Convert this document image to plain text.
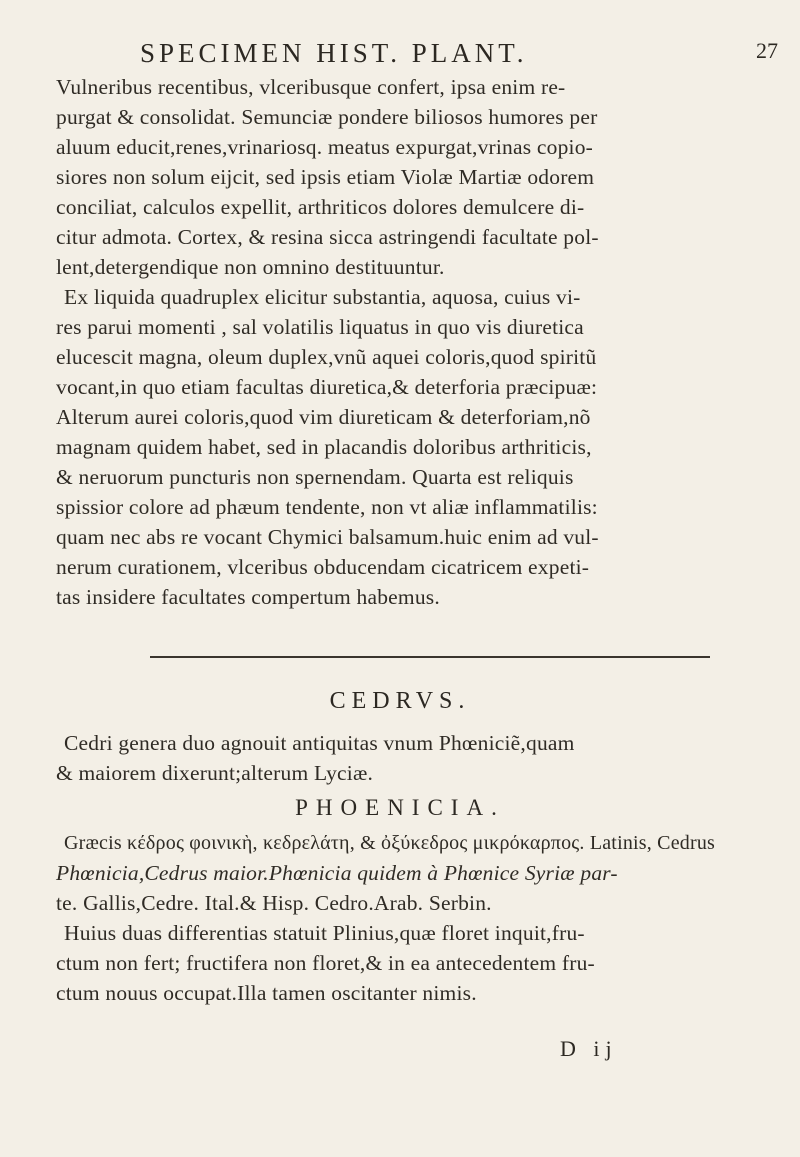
SPECIMEN HIST. PLANT.	27
Vulneribus recentibus, vlceribusque confert, ipsa enim re-
purgat & consolidat. Semunciæ pondere biliosos humores per
aluum educit,renes,vrinariosq. meatus expurgat,vrinas copio-
siores non solum eijcit, sed ipsis etiam Violæ Martiæ odorem
conciliat, calculos expellit, arthriticos dolores demulcere di-
citur admota. Cortex, & resina sicca astringendi facultate pol-
lent,detergendique non omnino destituuntur.
Ex liquida quadruplex elicitur substantia, aquosa, cuius vi-
res parui momenti , sal volatilis liquatus in quo vis diuretica
elucescit magna, oleum duplex,vnũ aquei coloris,quod spiritũ
vocant,in quo etiam facultas diuretica,& deterforia præcipuæ:
Alterum aurei coloris,quod vim diureticam & deterforiam,nõ
magnam quidem habet, sed in placandis doloribus arthriticis,
& neruorum puncturis non spernendam. Quarta est reliquis
spissior colore ad phæum tendente, non vt aliæ inflammatilis:
quam nec abs re vocant Chymici balsamum.huic enim ad vul-
nerum curationem, vlceribus obducendam cicatricem expeti-
tas insidere facultates compertum habemus.
CEDRVS.
Cedri genera duo agnouit antiquitas vnum Phœniciẽ,quam
& maiorem dixerunt;alterum Lyciæ.
PHOENICIA.
Græcis κέδρος φοινικὴ, κεδρελάτη, & ὀξύκεδρος μικρόκαρπος. Latinis, Cedrus
Phœnicia,Cedrus maior.Phœnicia quidem à Phœnice Syriæ par-
te. Gallis,Cedre. Ital.& Hisp. Cedro.Arab. Serbin.
Huius duas differentias statuit Plinius,quæ floret inquit,fru-
ctum non fert; fructifera non floret,& in ea antecedentem fru-
ctum nouus occupat.Illa tamen oscitanter nimis.
D ij
